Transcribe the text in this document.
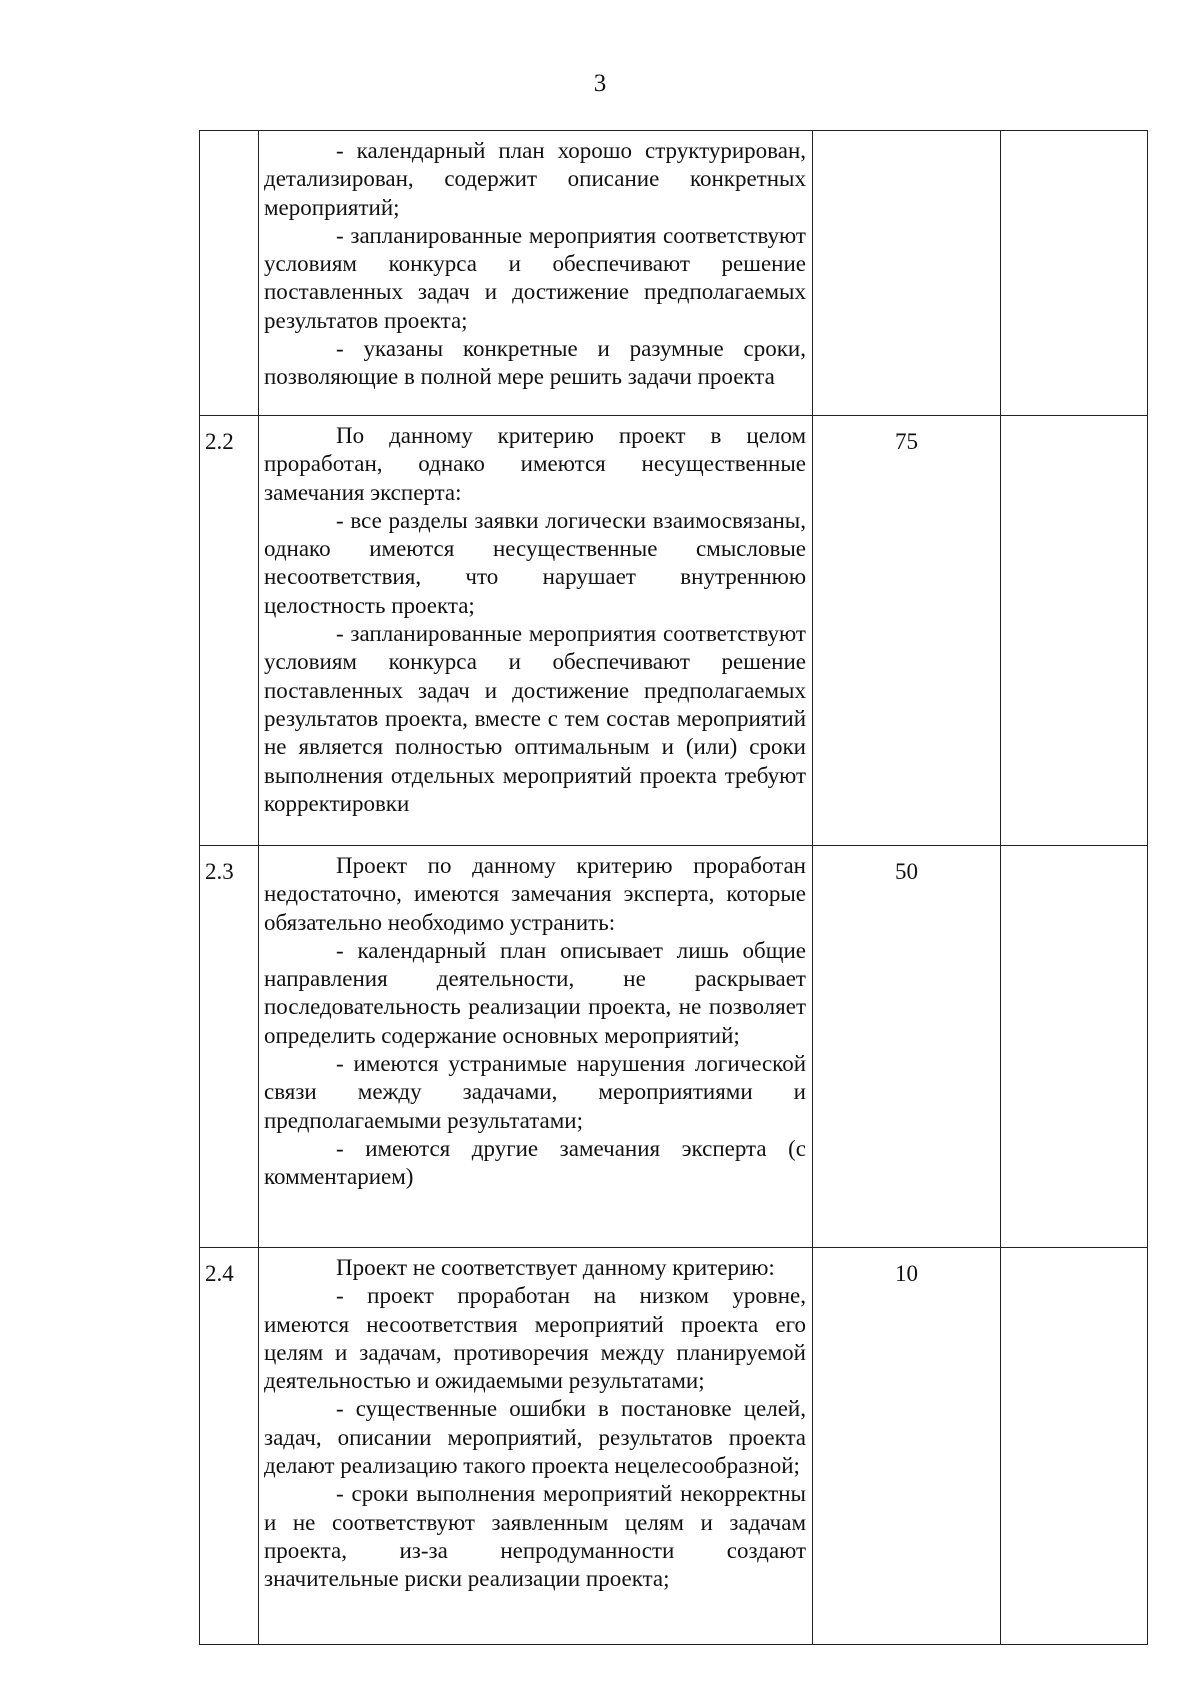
3

	- календарный план хорошо структурирован, детализирован, содержит описание конкретных мероприятий;

- запланированные мероприятия соответствуют условиям конкурса и обеспечивают решение поставленных задач и достижение предполагаемых результатов проекта;

- указаны конкретные и разумные сроки, позволяющие в полной мере решить задачи проекта		

2.2	По данному критерию проект в целом проработан, однако имеются несущественные замечания эксперта:

- все разделы заявки логически взаимосвязаны, однако имеются несущественные смысловые несоответствия, что нарушает внутреннюю целостность проекта;

- запланированные мероприятия соответствуют условиям конкурса и обеспечивают решение поставленных задач и достижение предполагаемых результатов проекта, вместе с тем состав мероприятий не является полностью оптимальным и (или) сроки выполнения отдельных мероприятий проекта требуют корректировки	75	
2.3	Проект по данному критерию проработан недостаточно, имеются замечания эксперта, которые обязательно необходимо устранить:

- календарный план описывает лишь общие направления деятельности, не раскрывает последовательность реализации проекта, не позволяет определить содержание основных мероприятий;

- имеются устранимые нарушения логической связи между задачами, мероприятиями и предполагаемыми результатами;

- имеются другие замечания эксперта (с комментарием)	50	
2.4	Проект не соответствует данному критерию:

- проект проработан на низком уровне, имеются несоответствия мероприятий проекта его целям и задачам, противоречия между планируемой деятельностью и ожидаемыми результатами;

- существенные ошибки в постановке целей, задач, описании мероприятий, результатов проекта делают реализацию такого проекта нецелесообразной;

- сроки выполнения мероприятий некорректны и не соответствуют заявленным целям и задачам проекта, из-за непродуманности создают значительные риски реализации проекта;	10	
